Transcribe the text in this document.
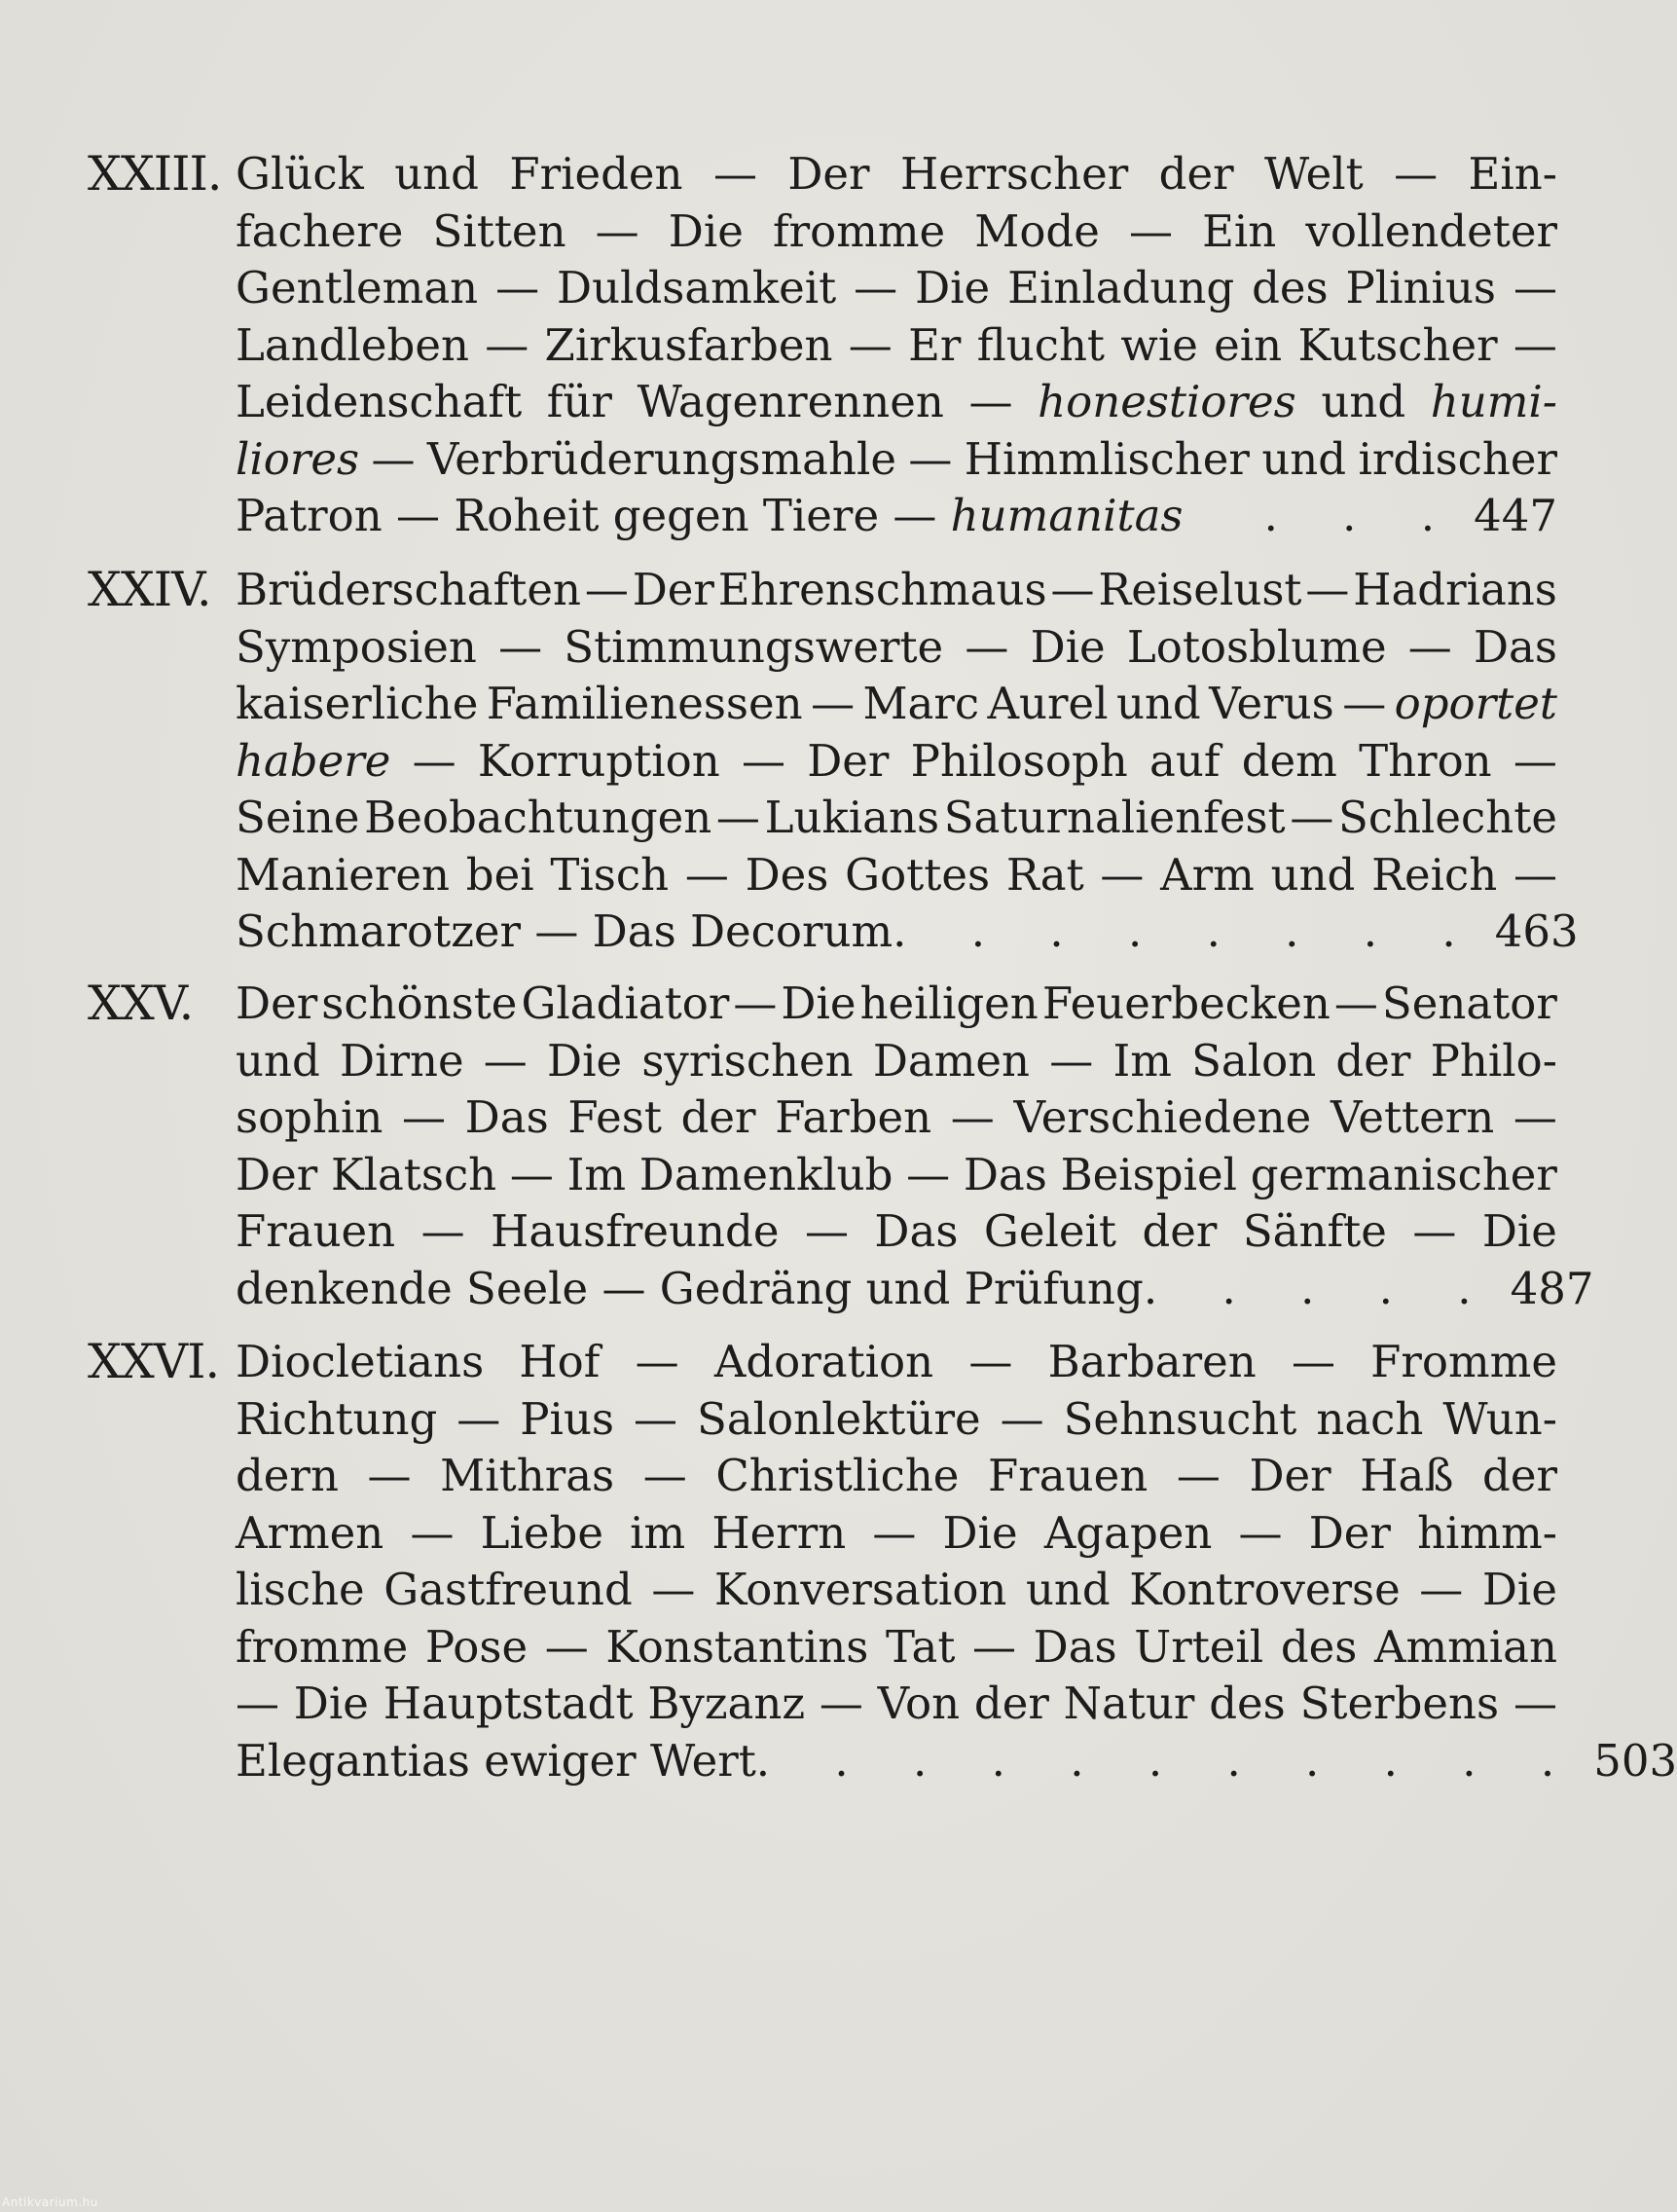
XXIII. Glück und Frieden — Der Herrscher der Welt — Ein-
fachere Sitten — Die fromme Mode — Ein vollendeter
Gentleman — Duldsamkeit — Die Einladung des Plinius —
Landleben — Zirkusfarben — Er flucht wie ein Kutscher —
Leidenschaft für Wagenrennen — honestiores und humi-
liores — Verbrüderungsmahle — Himmlischer und irdischer
Patron — Roheit gegen Tiere — humanitas	. . . 447
XXIV. Brüderschaften — Der Ehrenschmaus — Reiselust — Hadrians
Symposien — Stimmungswerte — Die Lotosblume — Das
kaiserliche Familienessen — Marc Aurel und Verus — oportet
habere — Korruption — Der Philosoph auf dem Thron —
Seine Beobachtungen — Lukians Saturnalienfest — Schlechte
Manieren bei Tisch — Des Gottes Rat — Arm und Reich —
Schmarotzer — Das Decorum . . . . . . . . 463
XXV. Der schönste Gladiator — Die heiligen Feuerbecken — Senator
und Dirne — Die syrischen Damen — Im Salon der Philo-
sophin — Das Fest der Farben — Verschiedene Vettern —
Der Klatsch — Im Damenklub — Das Beispiel germanischer
Frauen — Hausfreunde — Das Geleit der Sänfte — Die
denkende Seele — Gedräng und Prüfung . . . . . 487
XXVI. Diocletians Hof — Adoration — Barbaren — Fromme
Richtung — Pius — Salonlektüre — Sehnsucht nach Wun-
dern — Mithras — Christliche Frauen — Der Haß der
Armen — Liebe im Herrn — Die Agapen — Der himm-
lische Gastfreund — Konversation und Kontroverse — Die
fromme Pose — Konstantins Tat — Das Urteil des Ammian
— Die Hauptstadt Byzanz — Von der Natur des Sterbens —
Elegantias ewiger Wert . . . . . . . . . . . 503
Antikvarium.hu
